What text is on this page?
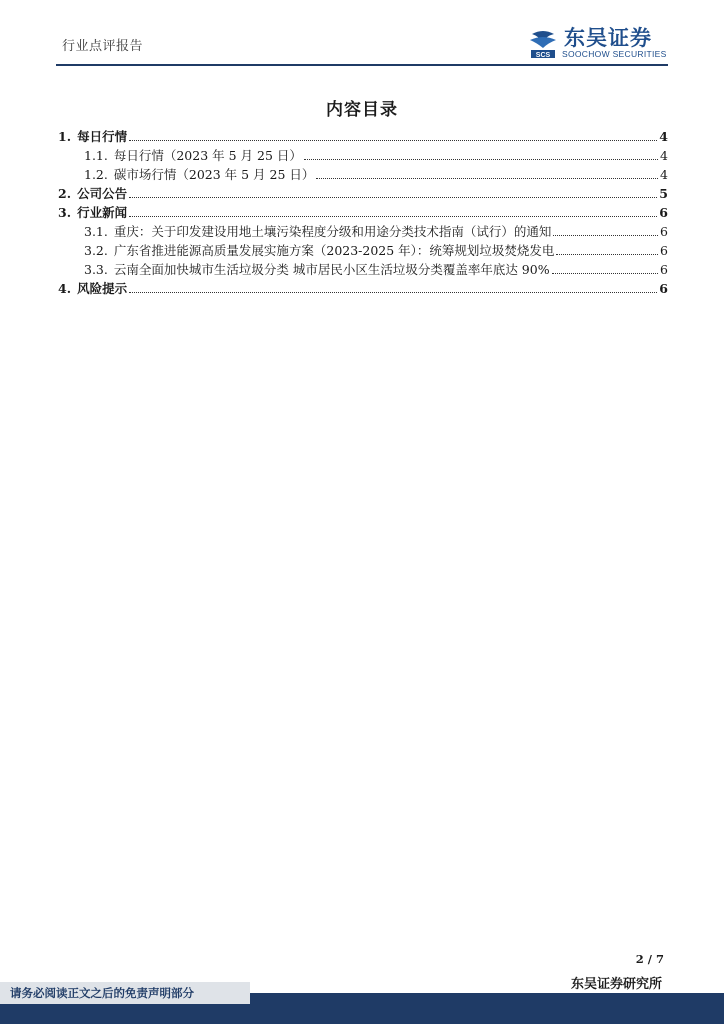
行业点评报告
SCS
东吴证券
SOOCHOW SECURITIES
内容目录
1. 每日行情	4
1.1. 每日行情（2023 年 5 月 25 日）	4
1.2. 碳市场行情（2023 年 5 月 25 日）	4
2. 公司公告	5
3. 行业新闻	6
3.1. 重庆：关于印发建设用地土壤污染程度分级和用途分类技术指南（试行）的通知	6
3.2. 广东省推进能源高质量发展实施方案（2023-2025 年）：统筹规划垃圾焚烧发电	6
3.3. 云南全面加快城市生活垃圾分类 城市居民小区生活垃圾分类覆盖率年底达 90%	6
4. 风险提示	6
2 / 7
东吴证券研究所
请务必阅读正文之后的免责声明部分
